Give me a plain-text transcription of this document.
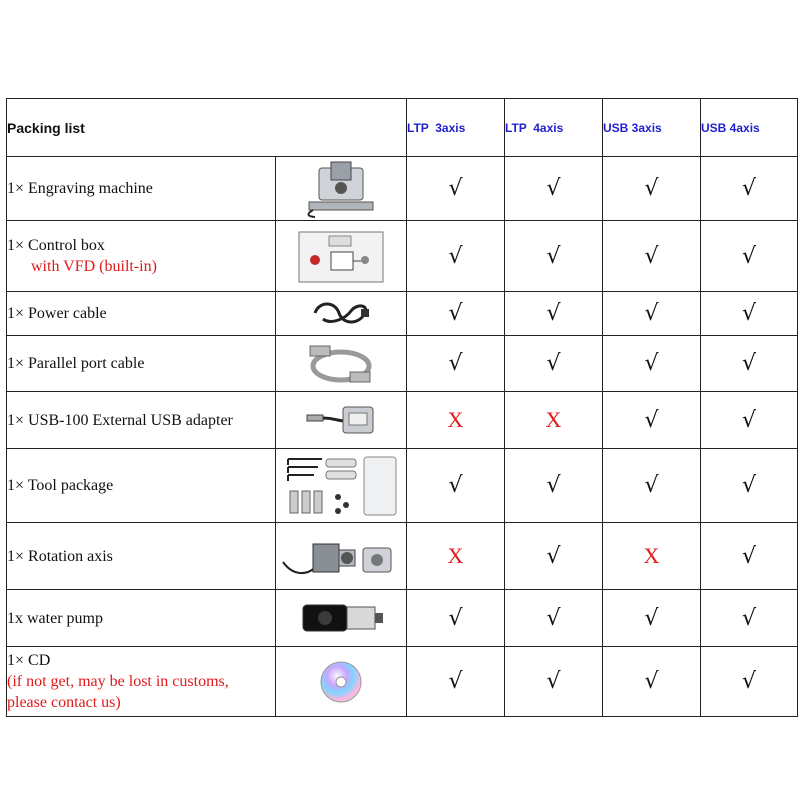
Packing list		LTP  3axis	LTP  4axis	USB 3axis	USB 4axis
1× Engraving machine		√	√	√	√

1× Control box
with VFD (built-in)		√	√	√	√
1× Power cable		√	√	√	√
1× Parallel port cable		√	√	√	√
1× USB-100 External USB adapter		X	X	√	√
1× Tool package		√	√	√	√
1× Rotation axis		X	√	X	√
1x water pump		√	√	√	√

1× CD
(if not get, may be lost in customs,
please contact us)		√	√	√	√
